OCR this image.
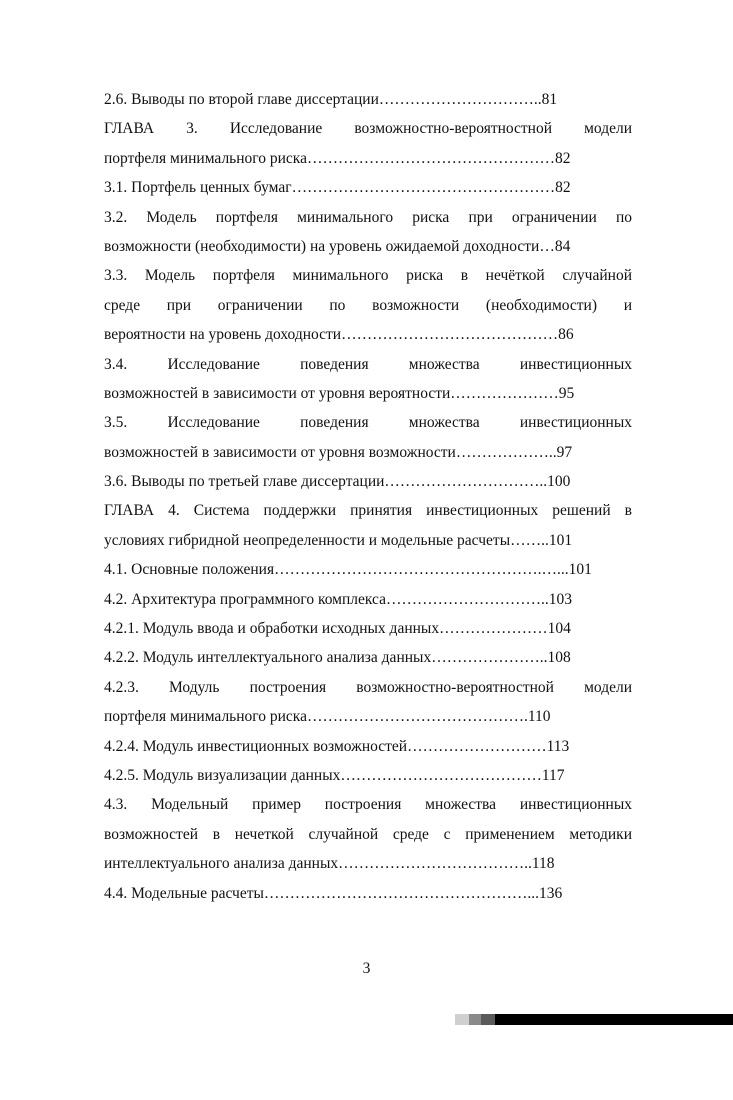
2.6. Выводы по второй главе диссертации…………………………..81
ГЛАВА 3. Исследование возможностно-вероятностной модели
портфеля минимального риска…………………………………………82
3.1. Портфель ценных бумаг……………………………………………82
3.2. Модель портфеля минимального риска при ограничении по
возможности (необходимости) на уровень ожидаемой доходности…84
3.3. Модель портфеля минимального риска в нечёткой случайной
среде при ограничении по возможности (необходимости) и
вероятности на уровень доходности……………………………………86
3.4. Исследование поведения множества инвестиционных
возможностей в зависимости от уровня вероятности…………………95
3.5. Исследование поведения множества инвестиционных
возможностей в зависимости от уровня возможности………………..97
3.6. Выводы по третьей главе диссертации…………………………..100
ГЛАВА 4. Система поддержки принятия инвестиционных решений в
условиях гибридной неопределенности и модельные расчеты……..101
4.1. Основные положения…………………………………………….…...101
4.2. Архитектура программного комплекса…………………………..103
4.2.1. Модуль ввода и обработки исходных данных…………………104
4.2.2. Модуль интеллектуального анализа данных…………………..108
4.2.3. Модуль построения возможностно-вероятностной модели
портфеля минимального риска…………………………………….110
4.2.4. Модуль инвестиционных возможностей………………………113
4.2.5. Модуль визуализации данных…………………………………117
4.3. Модельный пример построения множества инвестиционных
возможностей в нечеткой случайной среде с применением методики
интеллектуального анализа данных………………………………..118
4.4. Модельные расчеты……………………………………………...136
3
